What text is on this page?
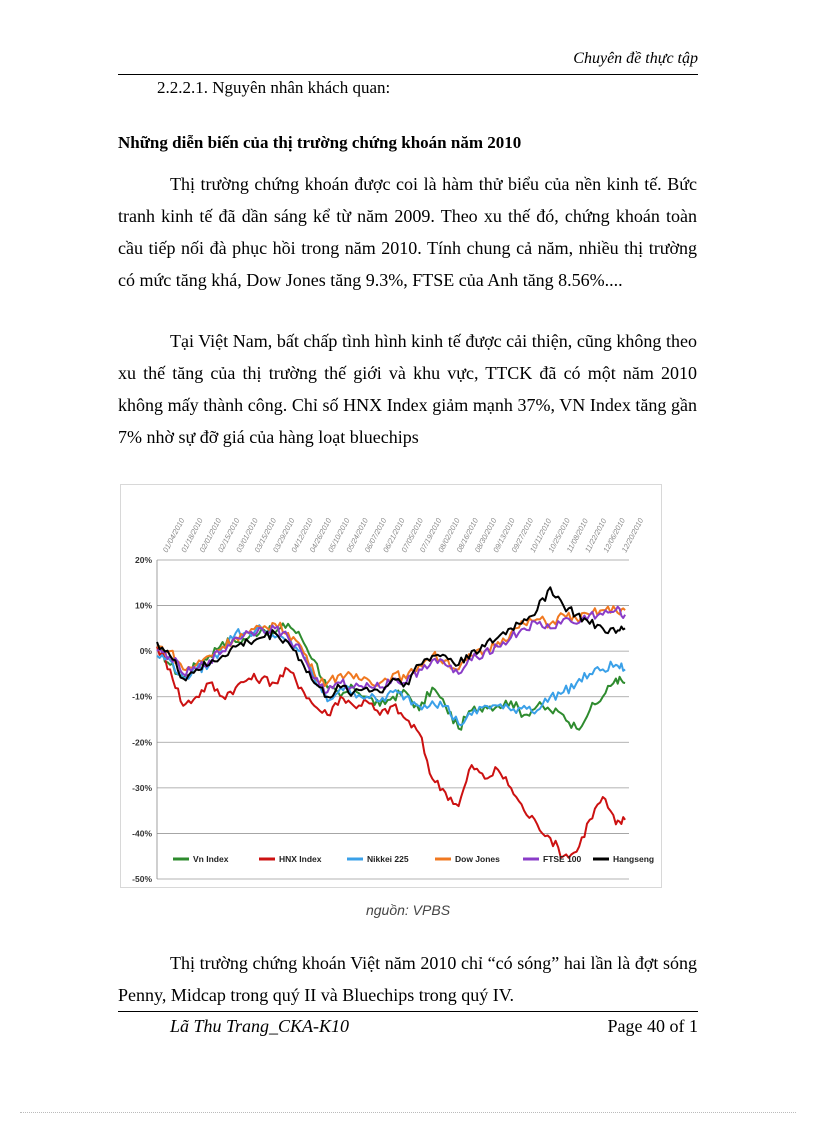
Chuyên đề thực tập
2.2.2.1. Nguyên nhân khách quan:
Những diễn biến của thị trường chứng khoán năm 2010

Thị trường chứng khoán được coi là hàm thử biểu của nền kinh tế. Bức tranh kinh tế đã dần sáng kể từ năm 2009. Theo xu thế đó, chứng khoán toàn cầu tiếp nối đà phục hồi trong năm 2010. Tính chung cả năm, nhiều thị trường có mức tăng khá, Dow Jones tăng 9.3%, FTSE của Anh tăng 8.56%....

Tại Việt Nam, bất chấp tình hình kinh tế được cải thiện, cũng không theo xu thế tăng của thị trường thế giới và khu vực, TTCK đã có một năm 2010 không mấy thành công. Chỉ số HNX Index giảm mạnh 37%, VN Index tăng gần 7% nhờ sự đỡ giá của hàng loạt bluechips

20%
10%
0%
-10%
-20%
-30%
-40%
-50%
01/04/2010
01/18/2010
02/01/2010
02/15/2010
03/01/2010
03/15/2010
03/29/2010
04/12/2010
04/26/2010
05/10/2010
05/24/2010
06/07/2010
06/21/2010
07/05/2010
07/19/2010
08/02/2010
08/16/2010
08/30/2010
09/13/2010
09/27/2010
10/11/2010
10/25/2010
11/08/2010
11/22/2010
12/06/2010
12/20/2010
Vn Index	HNX Index	Nikkei 225	Dow Jones	FTSE 100	Hangseng
nguồn: VPBS

Thị trường chứng khoán Việt năm 2010 chỉ “có sóng” hai lần là đợt sóng Penny, Midcap trong quý II và Bluechips trong quý IV.

Lã Thu Trang_CKA-K10	Page 40 of 1
